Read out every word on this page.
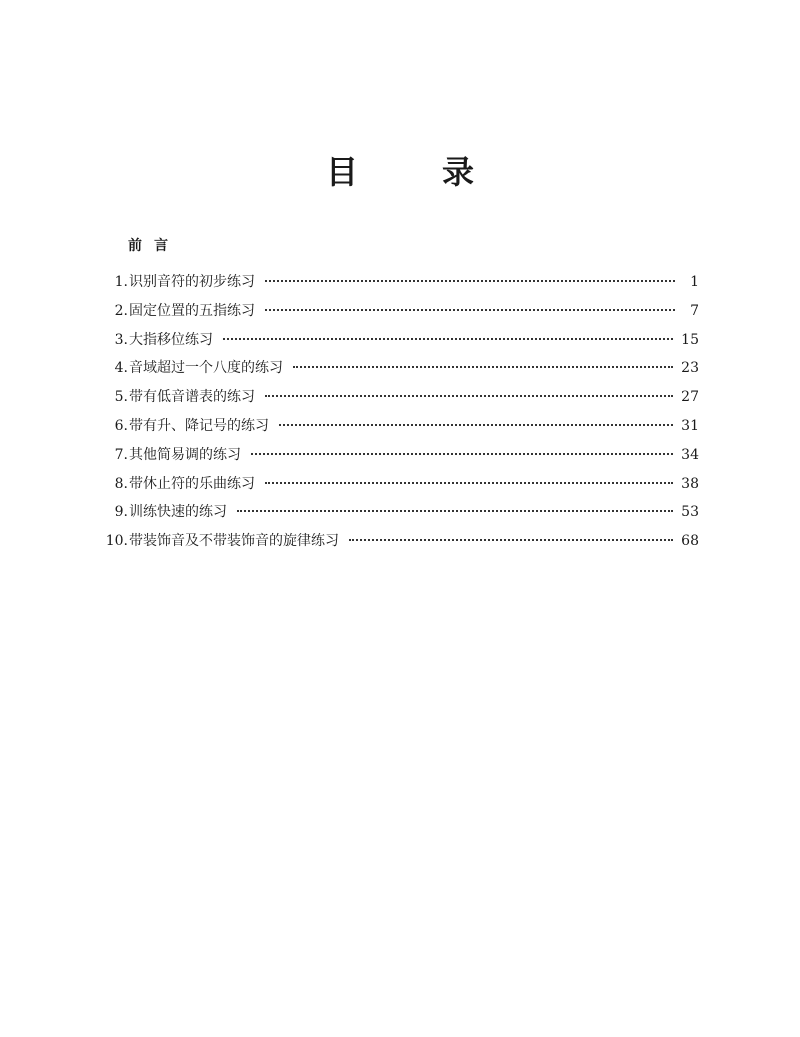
目　录
前言
1. 识别音符的初步练习	1
2. 固定位置的五指练习	7
3. 大指移位练习	15
4. 音域超过一个八度的练习	23
5. 带有低音谱表的练习	27
6. 带有升、降记号的练习	31
7. 其他简易调的练习	34
8. 带休止符的乐曲练习	38
9. 训练快速的练习	53
10. 带装饰音及不带装饰音的旋律练习	68
